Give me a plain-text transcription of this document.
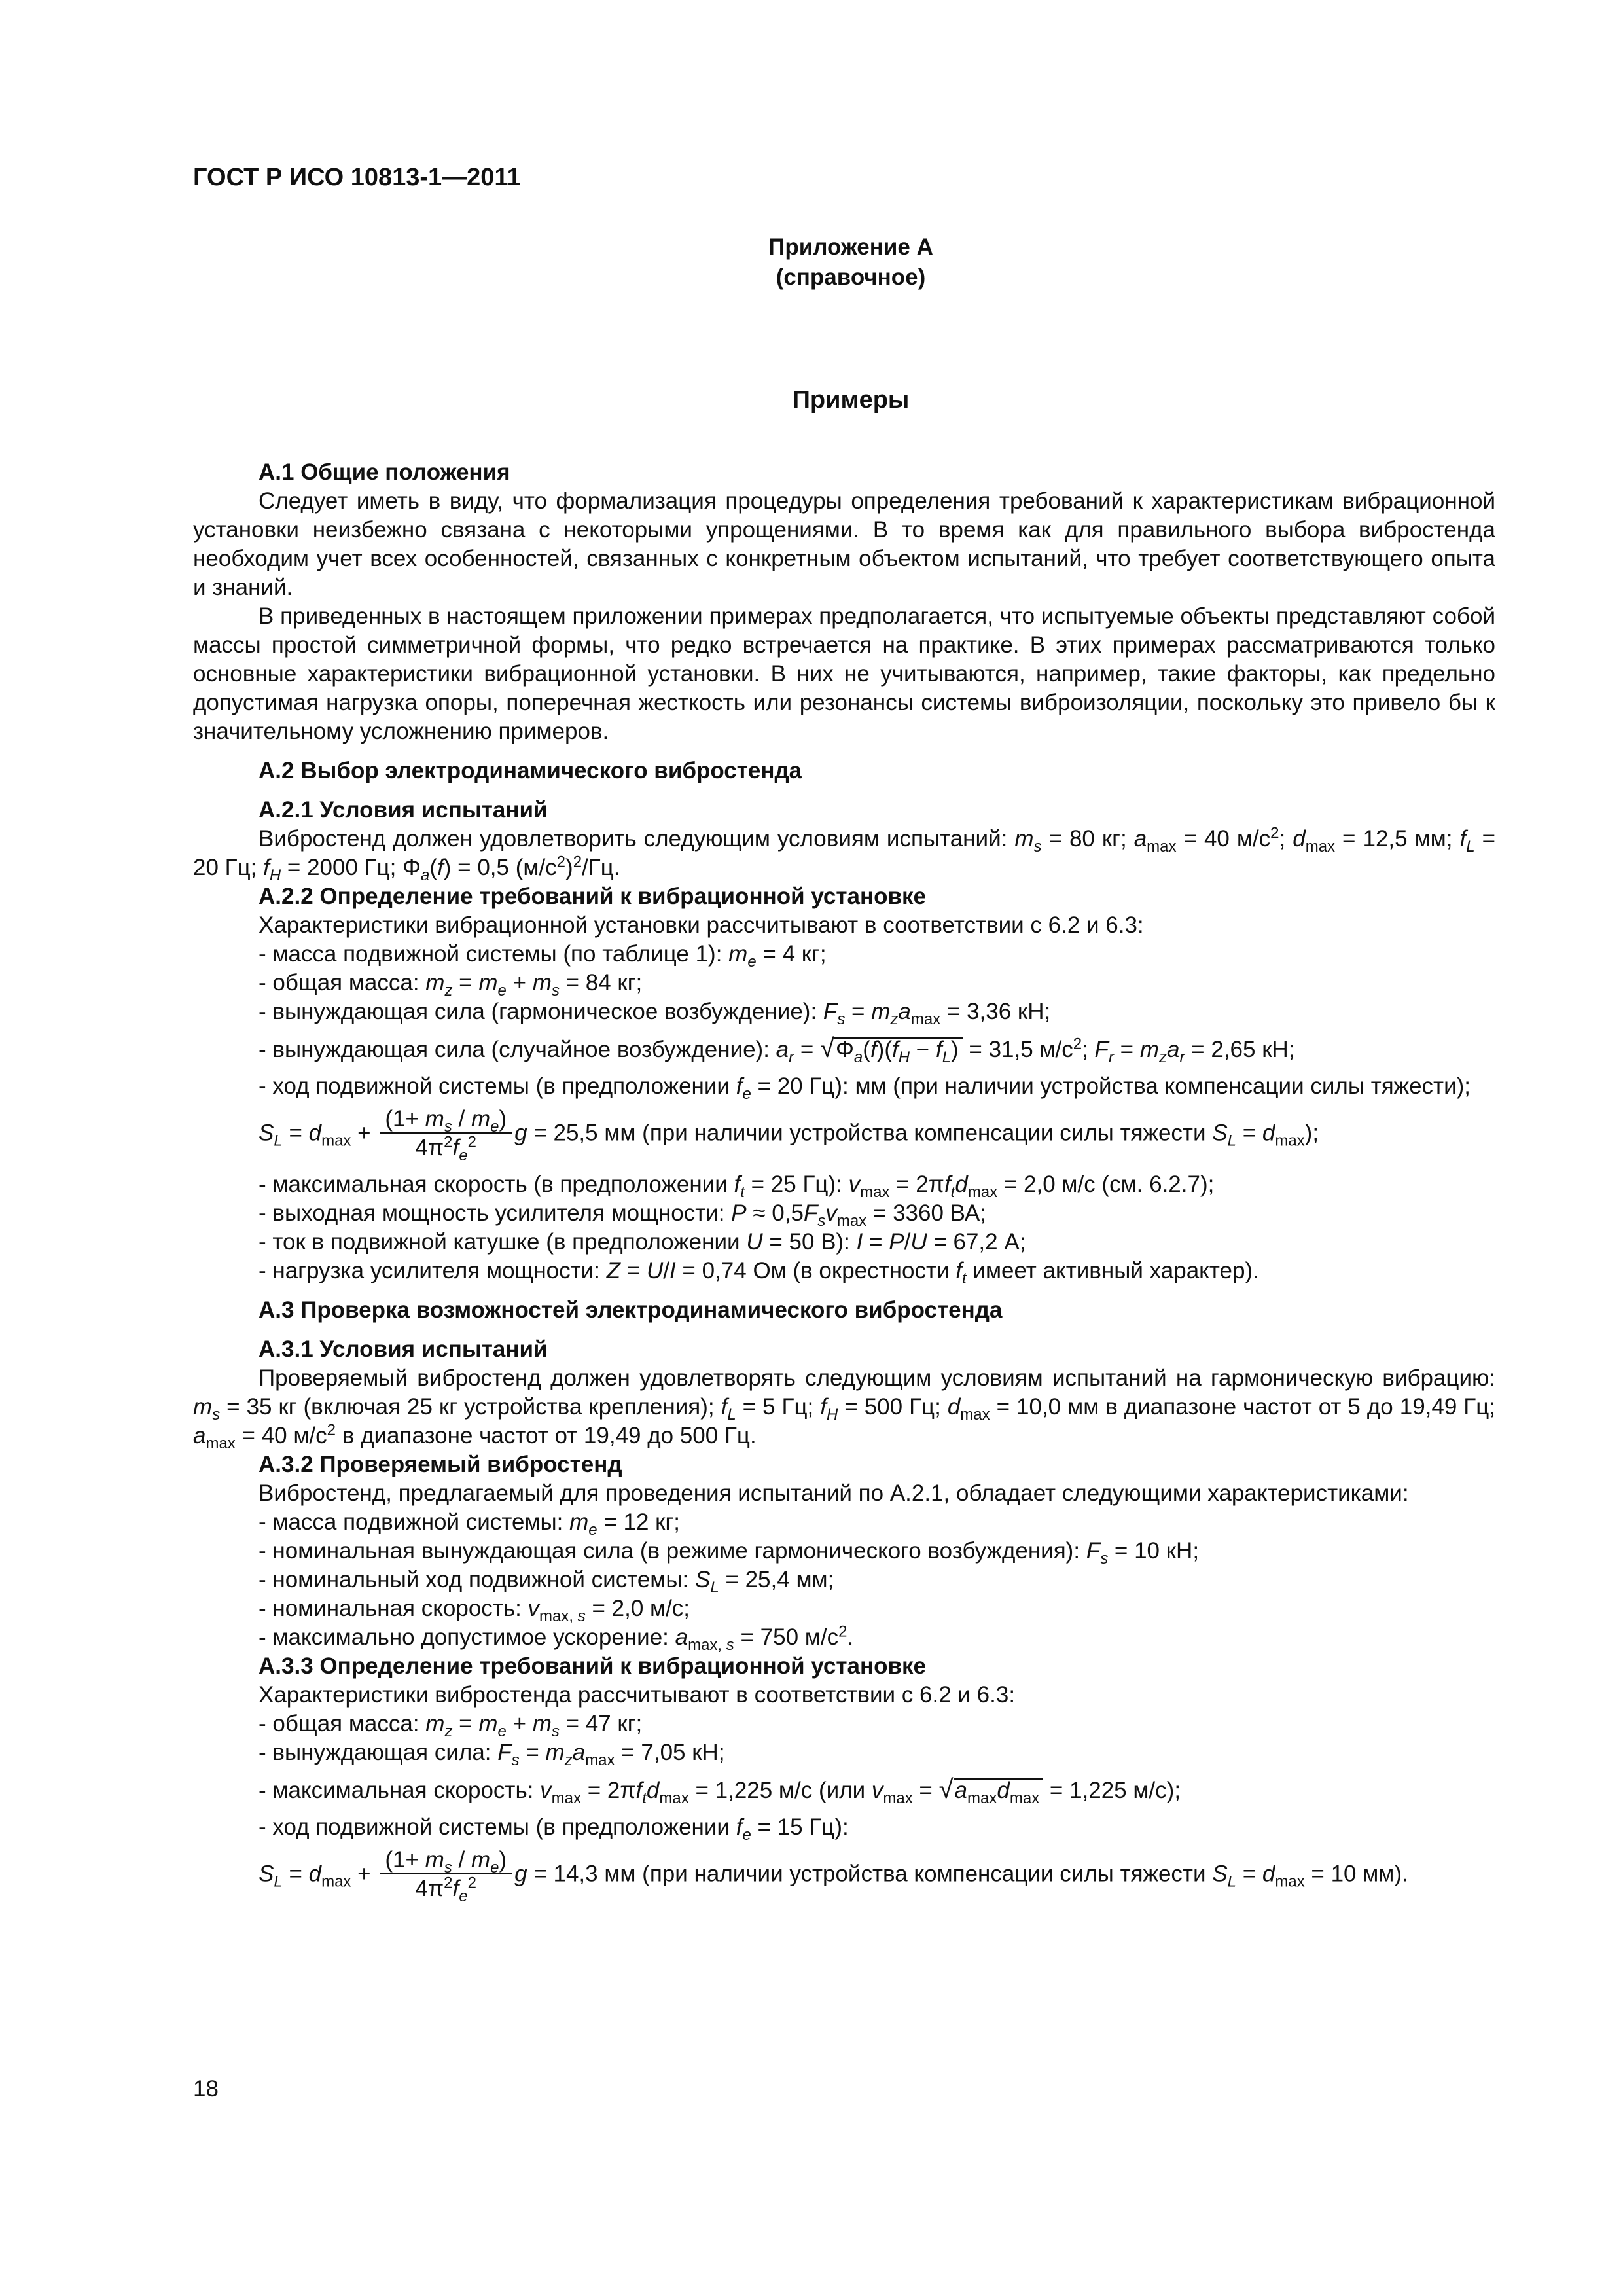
ГОСТ Р ИСО 10813-1—2011
Приложение А
(справочное)
Примеры

А.1 Общие положения

Следует иметь в виду, что формализация процедуры определения требований к характеристикам вибрационной установки неизбежно связана с некоторыми упрощениями. В то время как для правильного выбора вибростенда необходим учет всех особенностей, связанных с конкретным объектом испытаний, что требует соответствующего опыта и знаний.

В приведенных в настоящем приложении примерах предполагается, что испытуемые объекты представляют собой массы простой симметричной формы, что редко встречается на практике. В этих примерах рассматриваются только основные характеристики вибрационной установки. В них не учитываются, например, такие факторы, как предельно допустимая нагрузка опоры, поперечная жесткость или резонансы системы виброизоляции, поскольку это привело бы к значительному усложнению примеров.

А.2 Выбор электродинамического вибростенда

А.2.1 Условия испытаний

Вибростенд должен удовлетворить следующим условиям испытаний: $m_s = 80$ кг; $a_{max} = 40$ $м/с^2$; $d_{max} = 12,5$ мм; $f_L = 20$ Гц; $f_H = 2000$ Гц; $\Phi_a(f) = 0,5$ $(м/с^2)^2/Гц$.

А.2.2 Определение требований к вибрационной установке

Характеристики вибрационной установки рассчитывают в соответствии с 6.2 и 6.3:

- масса подвижной системы (по таблице 1): $m_e = 4$ кг;

- общая масса: $m_z = m_e + m_s = 84$ кг;

- вынуждающая сила (гармоническое возбуждение): $F_s = m_za_{max} = 3,36$ кН;

- вынуждающая сила (случайное возбуждение): $a_r = √\Phi_a(f)(f_H - f_L) = 31,5$ $м/с^2$; $F_r = m_za_r = 2,65$ кН;

- ход подвижной системы (в предположении $f_e = 20$ Гц): мм (при наличии устройства компенсации силы тяжести);

$S_L = d_{max} + \frac{(1+ m_s / m_e)}{4\pi^2f_e^2}$ g = 25,5 мм (при наличии устройства компенсации силы тяжести $S_L = d_{max}$);

- максимальная скорость (в предположении $f_t = 25$ Гц): $v_{max} = 2\pi f_td_{max} = 2,0$ м/с (см. 6.2.7);

- выходная мощность усилителя мощности: $P \approx 0,5F_sv_{max} = 3360$ ВА;

- ток в подвижной катушке (в предположении U = 50 В): I = P/U = 67,2 А;

- нагрузка усилителя мощности: Z = U/I = 0,74 Ом (в окрестности $f_t$ имеет активный характер).

А.3 Проверка возможностей электродинамического вибростенда

А.3.1 Условия испытаний

Проверяемый вибростенд должен удовлетворять следующим условиям испытаний на гармоническую вибрацию: $m_s = 35$ кг (включая 25 кг устройства крепления); $f_L = 5$ Гц; $f_H = 500$ Гц; $d_{max} = 10,0$ мм в диапазоне частот от 5 до 19,49 Гц; $a_{max} = 40$ $м/с^2$ в диапазоне частот от 19,49 до 500 Гц.

А.3.2 Проверяемый вибростенд

Вибростенд, предлагаемый для проведения испытаний по А.2.1, обладает следующими характеристиками:

- масса подвижной системы: $m_e = 12$ кг;

- номинальная вынуждающая сила (в режиме гармонического возбуждения): $F_s = 10$ кН;

- номинальный ход подвижной системы: $S_L = 25,4$ мм;

- номинальная скорость: $v_{max, s} = 2,0$ м/с;

- максимально допустимое ускорение: $a_{max, s} = 750$ $м/с^2$.

А.3.3 Определение требований к вибрационной установке

Характеристики вибростенда рассчитывают в соответствии с 6.2 и 6.3:

- общая масса: $m_z = m_e + m_s = 47$ кг;

- вынуждающая сила: $F_s = m_za_{max} = 7,05$ кН;

- максимальная скорость: $v_{max} = 2\pi f_td_{max} = 1,225$ м/с (или $v_{max} = √a_{max}d_{max} = 1,225$ м/с);

- ход подвижной системы (в предположении $f_e = 15$ Гц):

$S_L = d_{max} + \frac{(1+ m_s / m_e)}{4\pi^2f_e^2}$ g = 14,3 мм (при наличии устройства компенсации силы тяжести $S_L = d_{max} = 10$ мм).

18
